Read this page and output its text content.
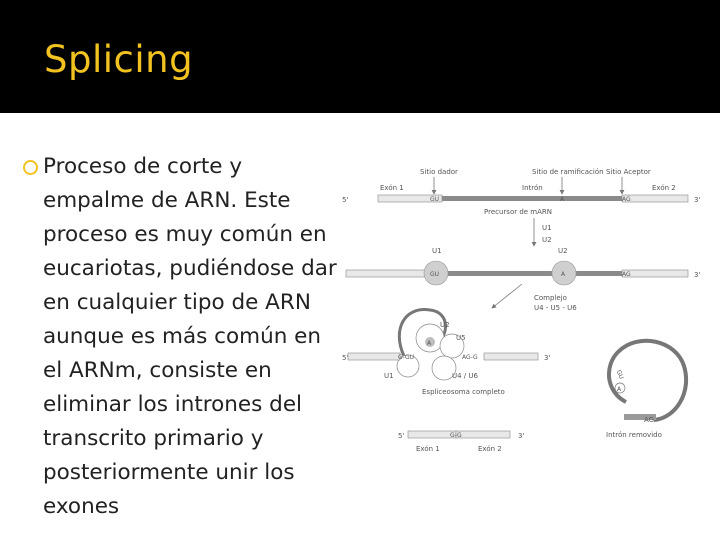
Splicing

Proceso de corte y
empalme de ARN. Este
proceso es muy común en
eucariotas, pudiéndose dar
en cualquier tipo de ARN
aunque es más común en
el ARNm, consiste en
eliminar los intrones del
transcrito primario y
posteriormente unir los
exones

Sitio dador	Sitio de ramificación Sitio Aceptor
Exón 1	Intrón	Exón 2
5'	GU	A	AG	3'
Precursor de mARN
U1
U2
U1	U2
GU	A	AG	3'
Complejo
U4 - U5 - U6
A
U2
U5
5'	G-GU	AG-G	3'
U1	U4 / U6
Espliceosoma completo
5'	G-G	3'
Exón 1	Exón 2
A
GU
AG
Intrón removido
